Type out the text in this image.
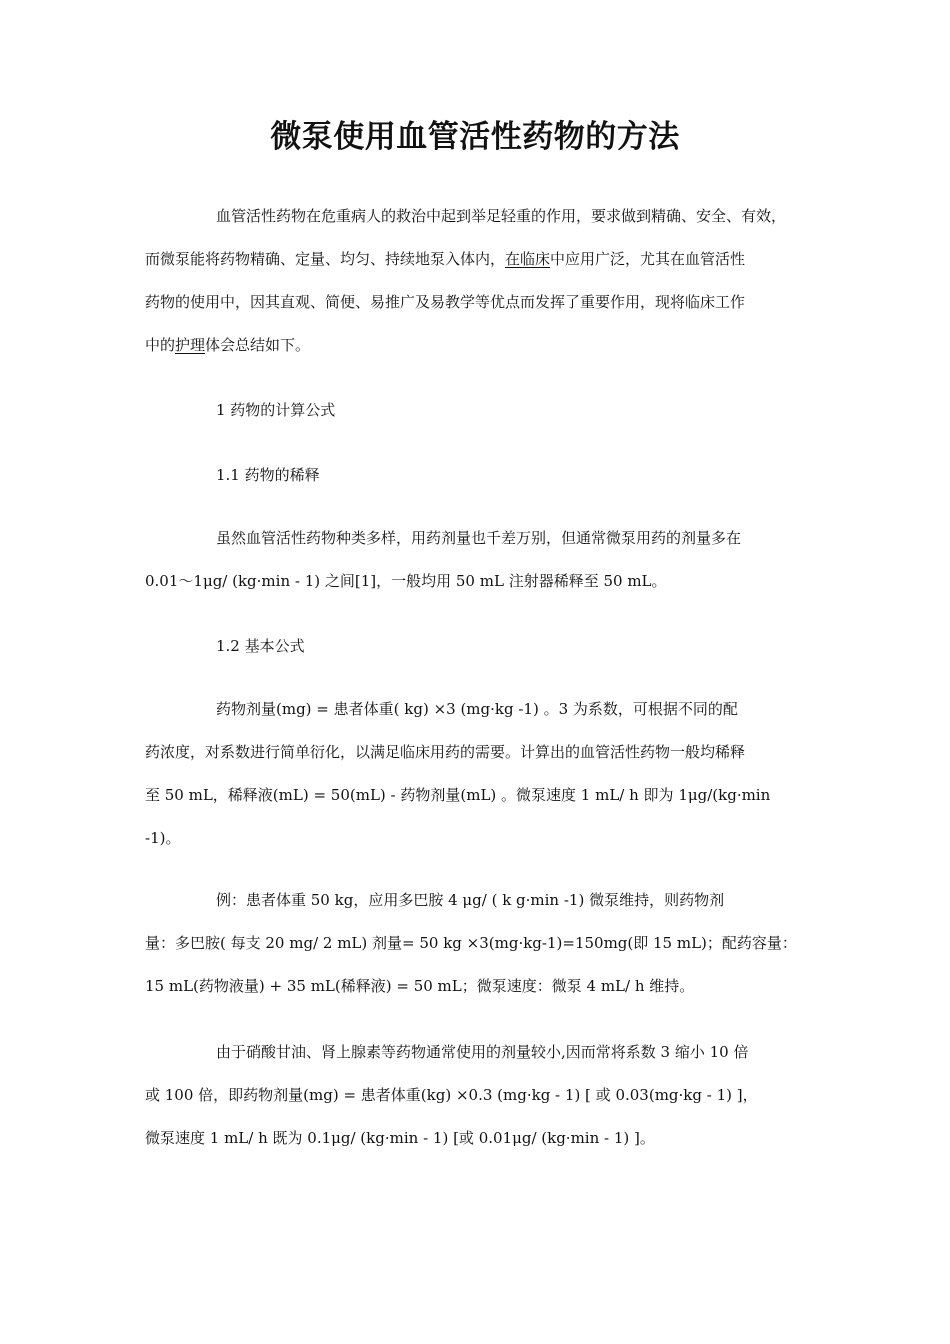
微泵使用血管活性药物的方法
血管活性药物在危重病人的救治中起到举足轻重的作用，要求做到精确、安全、有效，
而微泵能将药物精确、定量、均匀、持续地泵入体内，在临床中应用广泛，尤其在血管活性
药物的使用中，因其直观、简便、易推广及易教学等优点而发挥了重要作用，现将临床工作
中的护理体会总结如下。
1 药物的计算公式
1.1 药物的稀释
虽然血管活性药物种类多样，用药剂量也千差万别，但通常微泵用药的剂量多在
0.01～1μg/ (kg·min - 1) 之间[1]，一般均用 50 mL 注射器稀释至 50 mL。
1.2 基本公式
药物剂量(mg) = 患者体重( kg) ×3 (mg·kg -1) 。3 为系数，可根据不同的配
药浓度，对系数进行简单衍化，以满足临床用药的需要。计算出的血管活性药物一般均稀释
至 50 mL，稀释液(mL) = 50(mL) - 药物剂量(mL) 。微泵速度 1 mL/ h 即为 1μg/(kg·min
-1)。
例：患者体重 50 kg，应用多巴胺 4 μg/ ( k g·min -1) 微泵维持，则药物剂
量：多巴胺( 每支 20 mg/ 2 mL) 剂量= 50 kg ×3(mg·kg-1)=150mg(即 15 mL)；配药容量：
15 mL(药物液量) + 35 mL(稀释液) = 50 mL；微泵速度：微泵 4 mL/ h 维持。
由于硝酸甘油、肾上腺素等药物通常使用的剂量较小,因而常将系数 3 缩小 10 倍
或 100 倍，即药物剂量(mg) = 患者体重(kg) ×0.3 (mg·kg - 1) [ 或 0.03(mg·kg - 1) ]，
微泵速度 1 mL/ h 既为 0.1μg/ (kg·min - 1) [或 0.01μg/ (kg·min - 1) ]。
